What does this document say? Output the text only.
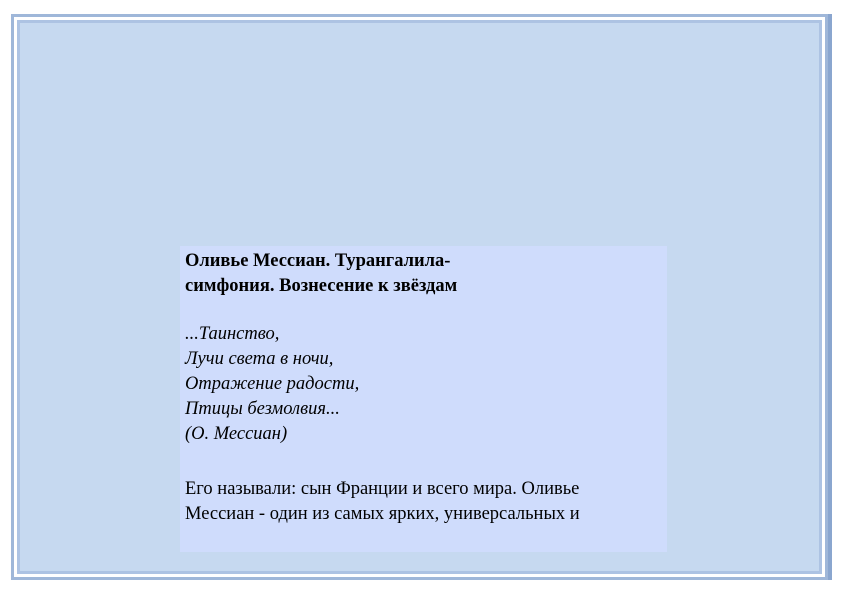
Оливье Мессиан. Турангалила-
симфония. Вознесение к звёздам
...Таинство,
Лучи света в ночи,
Отражение радости,
Птицы безмолвия...
(О. Мессиан)
Его называли: сын Франции и всего мира. Оливье
Мессиан - один из самых ярких, универсальных и
